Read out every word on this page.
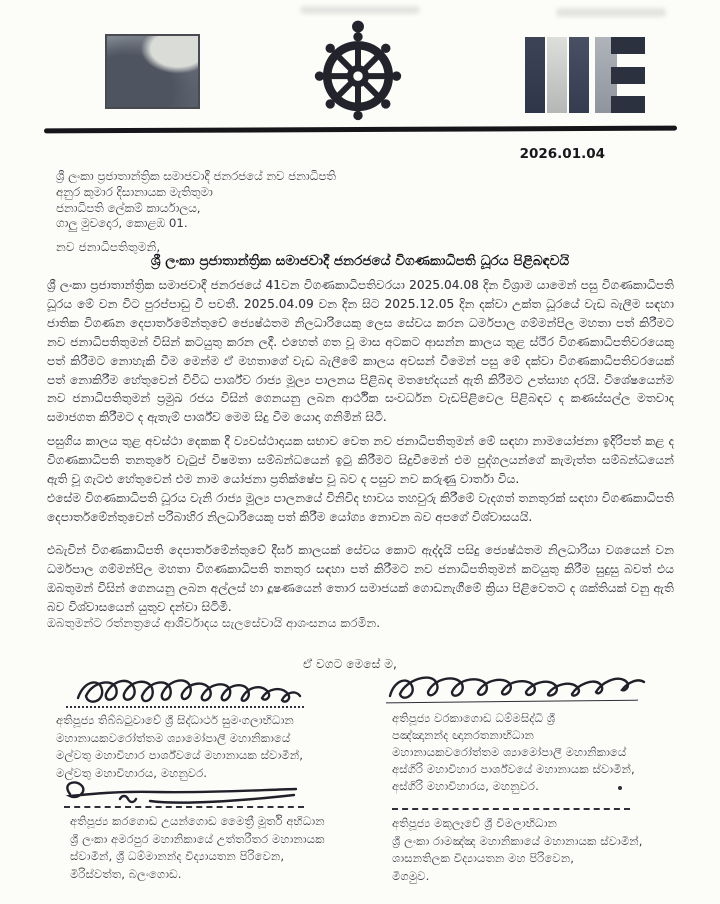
2026.01.04
ශ්‍රී ලංකා ප්‍රජාතාන්ත්‍රික සමාජවාදී ජනරජයේ නව ජනාධිපති
අනුර කුමාර දිසානායක මැතිතුමා
ජනාධිපති ලේකම් කාර්යාලය,
ගාලු මුවදොර, කොළඹ 01.
නව ජනාධිපතිතුමනි,
ශ්‍රී ලංකා ප්‍රජාතාන්ත්‍රික සමාජවාදී ජනරජයේ විගණකාධිපති ධූරය පිළිබඳවයි
ශ්‍රී ලංකා ප්‍රජාතාන්ත්‍රික සමාජවාදී ජනරජයේ 41වන විගණකාධිපතිවරයා 2025.04.08 දින විශ්‍රාම යාමෙන් පසු විගණකාධිපති ධූරය මේ වන විට පුරප්පාඩු වී පවතී. 2025.04.09 වන දින සිට 2025.12.05 දින දක්වා උක්ත ධූරයේ වැඩ බැලීම සඳහා ජාතික විගණන දෙපාර්තමේන්තුවේ ජ්‍යෙෂ්ඨතම නිලධාරියෙකු ලෙස සේවය කරන ධර්මපාල ගම්මන්පිල මහතා පත් කිරීමට නව ජනාධිපතිතුමන් විසින් කටයුතු කරන ලදී. එහෙත් ගත වූ මාස අටකට ආසන්න කාලය තුළ ස්ථීර විගණකාධිපතිවරයෙකු පත් කිරීමට නොහැකි වීම මෙන්ම ඒ මහතාගේ වැඩ බැලීමේ කාලය අවසන් වීමෙන් පසු මේ දක්වා විගණකාධිපතිවරයෙක් පත් නොකිරීම හේතුවෙන් විවිධ පාර්ශ්ව රාජ්‍ය මූල්‍ය පාලනය පිළිබඳ මතභේදයන් ඇති කිරීමට උත්සාහ දරයි. විශේෂයෙන්ම නව ජනාධිපතිතුමන් ප්‍රමුඛ රජය විසින් ගෙනයනු ලබන ආර්ථික සංවර්ධන වැඩපිළිවෙල පිළිබඳව ද කණස්සල්ල මතවාද සමාජගත කිරීමට ද ඇතැම් පාර්ශ්ව මෙම සිදු වීම යොදා ගනිමින් සිටී.
පසුගිය කාලය තුළ අවස්ථා දෙකක දී ව්‍යවස්ථාදායක සභාව වෙත නව ජනාධිපතිතුමන් මේ සඳහා නාමයෝජනා ඉදිරිපත් කළ ද විගණකාධිපති තනතුරේ වැටුප් විෂමතා සම්බන්ධයෙන් ඉටු කිරීමට සිදුවීමෙන් එම පුද්ගලයන්ගේ කැමැත්ත සම්බන්ධයෙන් ඇති වූ ගැටළු හේතුවෙන් එම නාම යෝජනා ප්‍රතික්ෂේප වූ බව ද පසුව නව කරුණු වාර්තා විය.
එසේම විගණකාධිපති ධූරය වැනි රාජ්‍ය මූල්‍ය පාලනයේ විනිවිද භාවය තහවුරු කිරීමේ වැදගත් තනතුරක් සඳහා විගණකාධිපති දෙපාර්තමේන්තුවෙන් පරිබාහිර නිලධාරියෙකු පත් කිරීම යෝග්‍ය නොවන බව අපගේ විශ්වාසයයි.
එබැවින් විගණකාධිපති දෙපාර්තමේන්තුවේ දීර්ඝ කාලයක් සේවය කොට ඇද්දැයි පසිදු ජ්‍යෙෂ්ඨතම නිලධාරියා වශයෙන් වන ධර්මපාල ගම්මන්පිල මහතා විගණකාධිපති තනතුර සඳහා පත් කිරීමට නව ජනාධිපතිතුමන් කටයුතු කිරීම සුදුසු බවත් එය ඔබතුමන් විසින් ගෙනයනු ලබන අල්ලස් හා දූෂණයෙන් තොර සමාජයක් ගොඩනැගීමේ ක්‍රියා පිළිවෙතට ද ශක්තියක් වනු ඇති බව විශ්වාසයෙන් යුතුව දන්වා සිටිමි.
ඔබතුමන්ට රත්නත්‍රයේ ආශිර්වාදය සැලසේවායි ආශංසනය කරමින.
ඒ වගට මෙසේ ම,
අතිපූජ්‍ය තිබ්බටුවාවේ ශ්‍රී සිද්ධාර්ථ සුමංගලාභිධාන
මහානායකවරෝත්තම ශ්‍යාමෝපාලී මහානිකායේ
මල්වතු මහාවිහාර පාර්ශ්වයේ මහානායක ස්වාමීන්,
මල්වතු මහාවිහාරය, මහනුවර.
අතිපූජ්‍ය කරගොඩ උයන්ගොඩ මෛත්‍රී මූර්ති අභිධාන
ශ්‍රී ලංකා අමරපුර මහානිකායේ උත්තරීතර මහානායක
ස්වාමීන්, ශ්‍රී ධම්මානන්ද විද්‍යායතන පිරිවෙන,
මිරිස්වත්ත, බලංගොඩ.
අතිපූජ්‍ය වරකාගොඩ ධම්මසිද්ධි ශ්‍රී
පඤ්ඤානන්ද ඥානරතනාභිධාන
මහානායකවරෝත්තම ශ්‍යාමෝපාලී මහානිකායේ
අස්ගිරි මහාවිහාර පාර්ශ්වයේ මහානායක ස්වාමීන්,
අස්ගිරි මහාවිහාරය, මහනුවර.
අතිපූජ්‍ය මකුලෑවේ ශ්‍රී විමලාභිධාන
ශ්‍රී ලංකා රාමඤ්ඤ මහානිකායේ මහානායක ස්වාමීන්,
ශාසනතිලක විද්‍යායතන මහ පිරිවෙන,
මීගමුව.
